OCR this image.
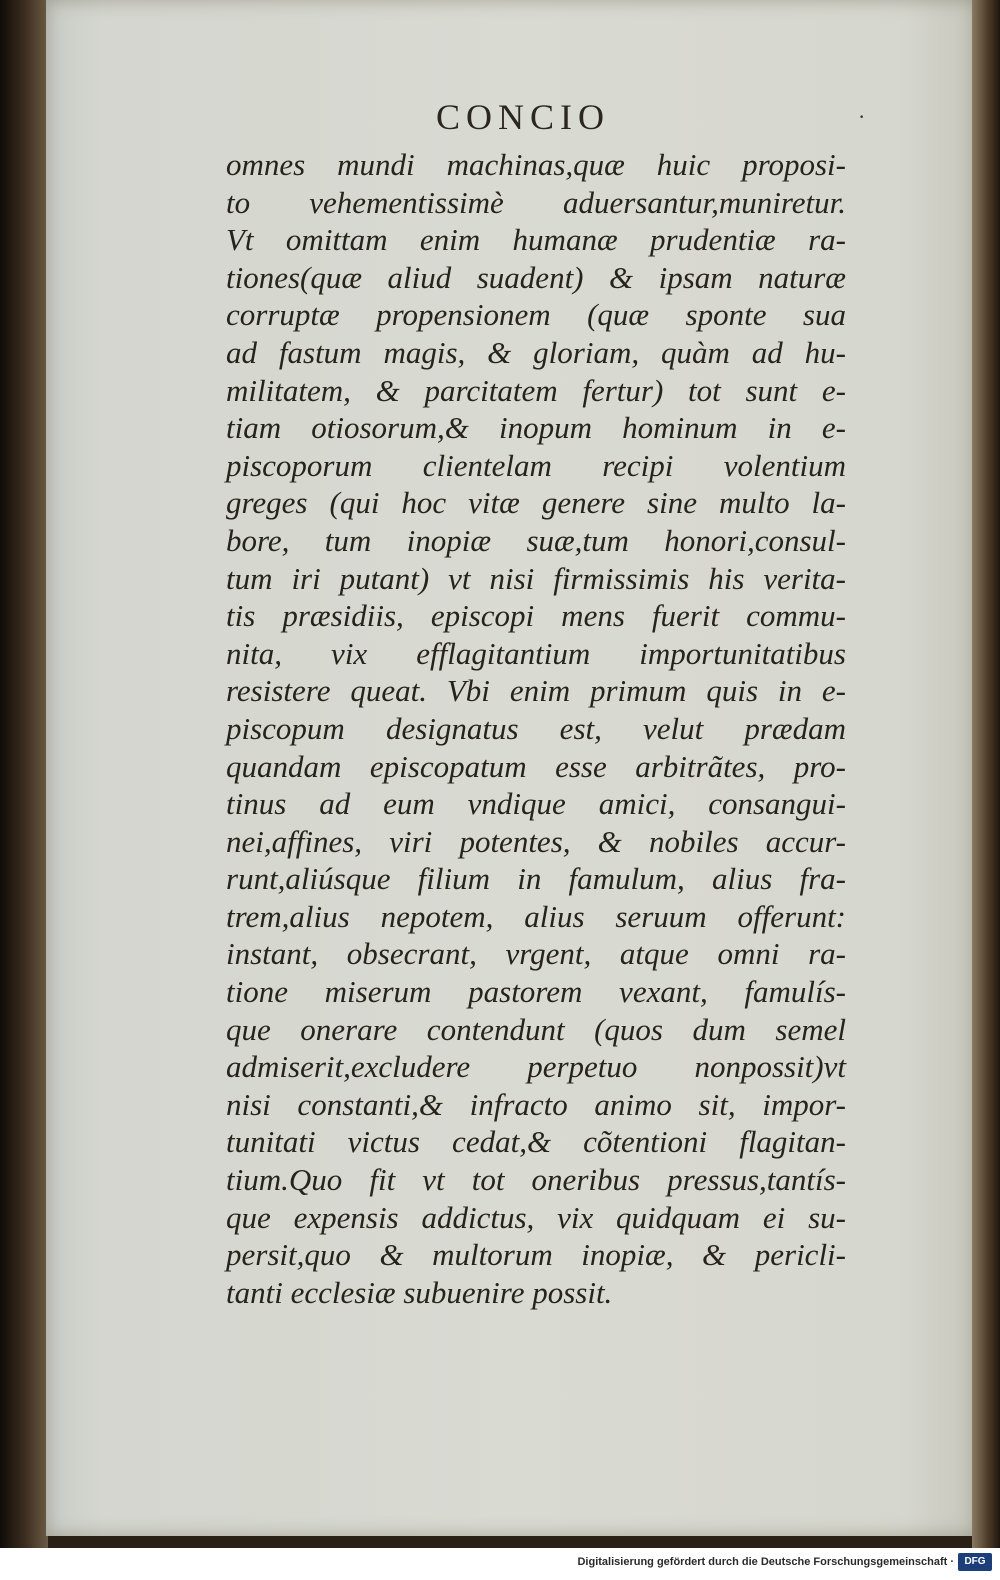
CONCIO	·
omnes mundi machinas,quæ huic proposi-
to vehementissimè aduersantur,muniretur.
Vt omittam enim humanæ prudentiæ ra-
tiones(quæ aliud suadent) & ipsam naturæ
corruptæ propensionem (quæ sponte sua
ad fastum magis, & gloriam, quàm ad hu-
militatem, & parcitatem fertur) tot sunt e-
tiam otiosorum,& inopum hominum in e-
piscoporum clientelam recipi volentium
greges (qui hoc vitæ genere sine multo la-
bore, tum inopiæ suæ,tum honori,consul-
tum iri putant) vt nisi firmissimis his verita-
tis præsidiis, episcopi mens fuerit commu-
nita, vix efflagitantium importunitatibus
resistere queat. Vbi enim primum quis in e-
piscopum designatus est, velut prædam
quandam episcopatum esse arbitrãtes, pro-
tinus ad eum vndique amici, consangui-
nei,affines, viri potentes, & nobiles accur-
runt,aliúsque filium in famulum, alius fra-
trem,alius nepotem, alius seruum offerunt:
instant, obsecrant, vrgent, atque omni ra-
tione miserum pastorem vexant, famulís-
que onerare contendunt (quos dum semel
admiserit,excludere perpetuo nonpossit)vt
nisi constanti,& infracto animo sit, impor-
tunitati victus cedat,& cõtentioni flagitan-
tium.Quo fit vt tot oneribus pressus,tantís-
que expensis addictus, vix quidquam ei su-
persit,quo & multorum inopiæ, & pericli-
tanti ecclesiæ subuenire possit.
Digitalisierung gefördert durch die Deutsche Forschungsgemeinschaft ·	DFG
